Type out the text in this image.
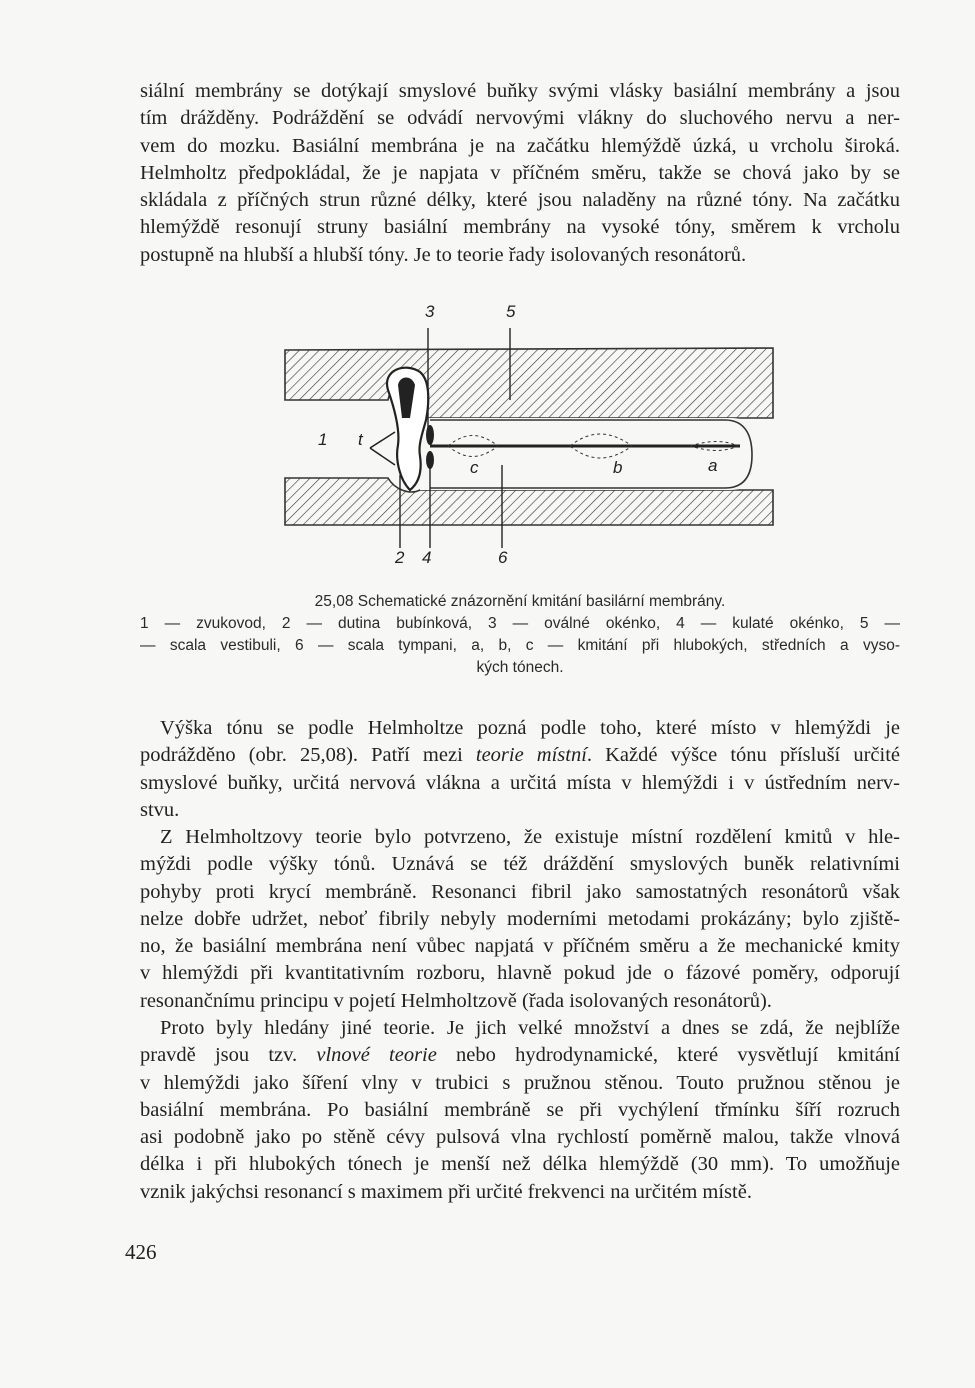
siální membrány se dotýkají smyslové buňky svými vlásky basiální membrány a jsou
tím drážděny. Podráždění se odvádí nervovými vlákny do sluchového nervu a ner-
vem do mozku. Basiální membrána je na začátku hlemýždě úzká, u vrcholu široká.
Helmholtz předpokládal, že je napjata v příčném směru, takže se chová jako by se
skládala z příčných strun různé délky, které jsou naladěny na různé tóny. Na začátku
hlemýždě resonují struny basiální membrány na vysoké tóny, směrem k vrcholu
postupně na hlubší a hlubší tóny. Je to teorie řady isolovaných resonátorů.
3	5
1 t
c	b	a
2 4	6
25,08 Schematické znázornění kmitání basilární membrány.
1 — zvukovod, 2 — dutina bubínková, 3 — oválné okénko, 4 — kulaté okénko, 5 —
— scala vestibuli, 6 — scala tympani, a, b, c — kmitání při hlubokých, středních a vyso-
kých tónech.
Výška tónu se podle Helmholtze pozná podle toho, které místo v hlemýždi je
podrážděno (obr. 25,08). Patří mezi teorie místní. Každé výšce tónu přísluší určité
smyslové buňky, určitá nervová vlákna a určitá místa v hlemýždi i v ústředním nerv-
stvu.
Z Helmholtzovy teorie bylo potvrzeno, že existuje místní rozdělení kmitů v hle-
mýždi podle výšky tónů. Uznává se též dráždění smyslových buněk relativními
pohyby proti krycí membráně. Resonanci fibril jako samostatných resonátorů však
nelze dobře udržet, neboť fibrily nebyly moderními metodami prokázány; bylo zjiště-
no, že basiální membrána není vůbec napjatá v příčném směru a že mechanické kmity
v hlemýždi při kvantitativním rozboru, hlavně pokud jde o fázové poměry, odporují
resonančnímu principu v pojetí Helmholtzově (řada isolovaných resonátorů).
Proto byly hledány jiné teorie. Je jich velké množství a dnes se zdá, že nejblíže
pravdě jsou tzv. vlnové teorie nebo hydrodynamické, které vysvětlují kmitání
v hlemýždi jako šíření vlny v trubici s pružnou stěnou. Touto pružnou stěnou je
basiální membrána. Po basiální membráně se při vychýlení třmínku šíří rozruch
asi podobně jako po stěně cévy pulsová vlna rychlostí poměrně malou, takže vlnová
délka i při hlubokých tónech je menší než délka hlemýždě (30 mm). To umožňuje
vznik jakýchsi resonancí s maximem při určité frekvenci na určitém místě.
426
